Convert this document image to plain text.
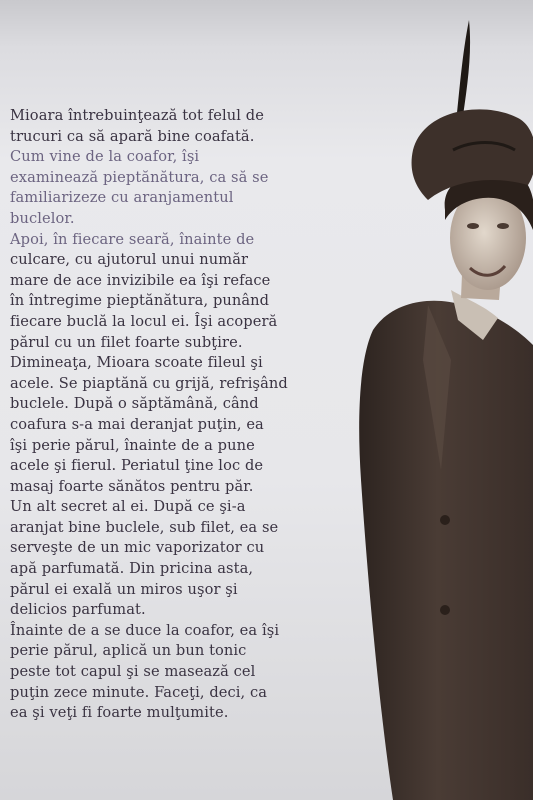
Mioara întrebuinţează tot felul de
trucuri ca să apară bine coafată.
Cum vine de la coafor, îşi
examinează pieptănătura, ca să se
familiarizeze cu aranjamentul
buclelor.
Apoi, în fiecare seară, înainte de
culcare, cu ajutorul unui număr
mare de ace invizibile ea îşi reface
în întregime pieptănătura, punând
fiecare buclă la locul ei. Îşi acoperă
părul cu un filet foarte subţire.
Dimineaţa, Mioara scoate fileul şi
acele. Se piaptănă cu grijă, refrişând
buclele. După o săptămână, când
coafura s-a mai deranjat puţin, ea
îşi perie părul, înainte de a pune
acele şi fierul. Periatul ţine loc de
masaj foarte sănătos pentru păr.
Un alt secret al ei. După ce şi-a
aranjat bine buclele, sub filet, ea se
serveşte de un mic vaporizator cu
apă parfumată. Din pricina asta,
părul ei exală un miros uşor şi
delicios parfumat.
Înainte de a se duce la coafor, ea îşi
perie părul, aplică un bun tonic
peste tot capul şi se masează cel
puţin zece minute. Faceţi, deci, ca
ea şi veţi fi foarte mulţumite.
